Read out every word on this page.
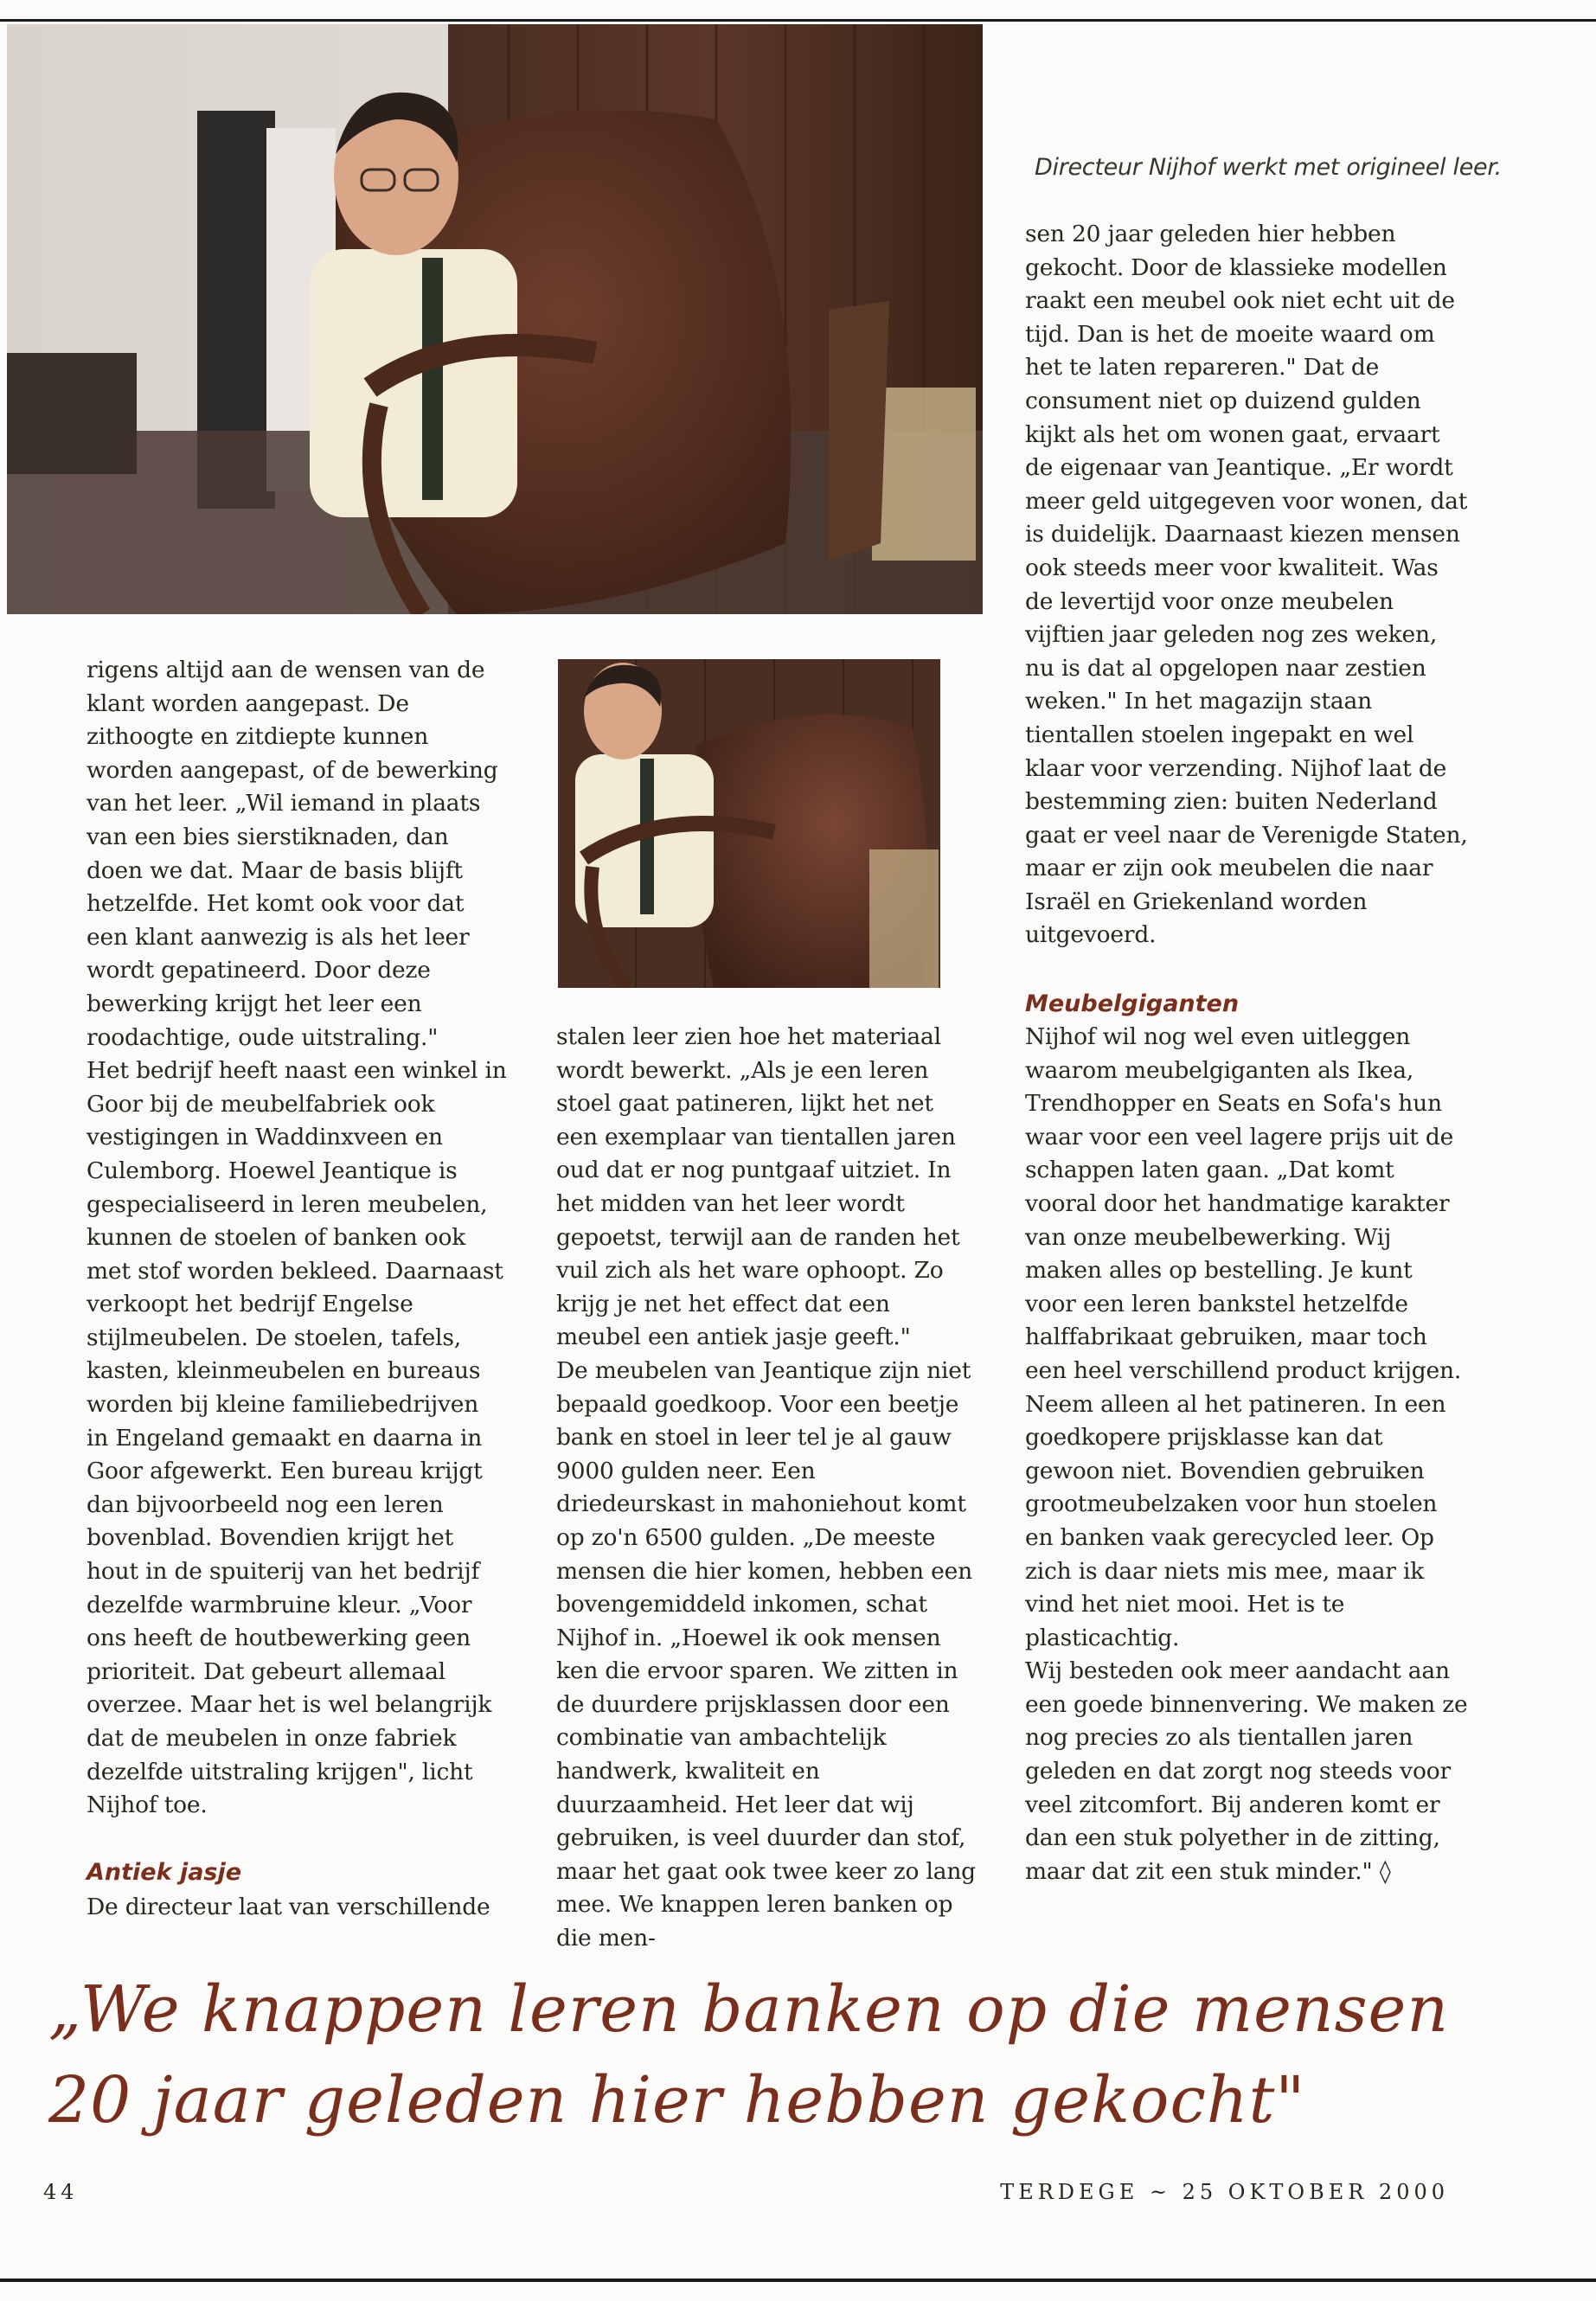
Directeur Nijhof werkt met origineel leer.

rigens altijd aan de wensen van de klant worden aangepast. De zithoogte en zitdiepte kunnen worden aangepast, of de bewerking van het leer. „Wil iemand in plaats van een bies sierstiknaden, dan doen we dat. Maar de basis blijft hetzelfde. Het komt ook voor dat een klant aanwezig is als het leer wordt gepatineerd. Door deze bewerking krijgt het leer een roodachtige, oude uitstraling."

Het bedrijf heeft naast een winkel in Goor bij de meubelfabriek ook vestigingen in Waddinxveen en Culemborg. Hoewel Jeantique is gespecialiseerd in leren meubelen, kunnen de stoelen of banken ook met stof worden bekleed. Daarnaast verkoopt het bedrijf Engelse stijlmeubelen. De stoelen, tafels, kasten, kleinmeubelen en bureaus worden bij kleine familiebedrijven in Engeland gemaakt en daarna in Goor afgewerkt. Een bureau krijgt dan bijvoorbeeld nog een leren bovenblad. Bovendien krijgt het hout in de spuiterij van het bedrijf dezelfde warmbruine kleur. „Voor ons heeft de houtbewerking geen prioriteit. Dat gebeurt allemaal overzee. Maar het is wel belangrijk dat de meubelen in onze fabriek dezelfde uitstraling krijgen", licht Nijhof toe.

Antiek jasje

De directeur laat van verschillende

stalen leer zien hoe het materiaal wordt bewerkt. „Als je een leren stoel gaat patineren, lijkt het net een exemplaar van tientallen jaren oud dat er nog puntgaaf uitziet. In het midden van het leer wordt gepoetst, terwijl aan de randen het vuil zich als het ware ophoopt. Zo krijg je net het effect dat een meubel een antiek jasje geeft."

De meubelen van Jeantique zijn niet bepaald goedkoop. Voor een beetje bank en stoel in leer tel je al gauw 9000 gulden neer. Een driedeurskast in mahoniehout komt op zo'n 6500 gulden. „De meeste mensen die hier komen, hebben een bovengemiddeld inkomen, schat Nijhof in. „Hoewel ik ook mensen ken die ervoor sparen. We zitten in de duurdere prijsklassen door een combinatie van ambachtelijk handwerk, kwaliteit en duurzaamheid. Het leer dat wij gebruiken, is veel duurder dan stof, maar het gaat ook twee keer zo lang mee. We knappen leren banken op die men-

sen 20 jaar geleden hier hebben gekocht. Door de klassieke modellen raakt een meubel ook niet echt uit de tijd. Dan is het de moeite waard om het te laten repareren." Dat de consument niet op duizend gulden kijkt als het om wonen gaat, ervaart de eigenaar van Jeantique. „Er wordt meer geld uitgegeven voor wonen, dat is duidelijk. Daarnaast kiezen mensen ook steeds meer voor kwaliteit. Was de levertijd voor onze meubelen vijftien jaar geleden nog zes weken, nu is dat al opgelopen naar zestien weken." In het magazijn staan tientallen stoelen ingepakt en wel klaar voor verzending. Nijhof laat de bestemming zien: buiten Nederland gaat er veel naar de Verenigde Staten, maar er zijn ook meubelen die naar Israël en Griekenland worden uitgevoerd.

Meubelgiganten

Nijhof wil nog wel even uitleggen waarom meubelgiganten als Ikea, Trendhopper en Seats en Sofa's hun waar voor een veel lagere prijs uit de schappen laten gaan. „Dat komt vooral door het handmatige karakter van onze meubelbewerking. Wij maken alles op bestelling. Je kunt voor een leren bankstel hetzelfde halffabrikaat gebruiken, maar toch een heel verschillend product krijgen. Neem alleen al het patineren. In een goedkopere prijsklasse kan dat gewoon niet. Bovendien gebruiken grootmeubelzaken voor hun stoelen en banken vaak gerecycled leer. Op zich is daar niets mis mee, maar ik vind het niet mooi. Het is te plasticachtig.

Wij besteden ook meer aandacht aan een goede binnenvering. We maken ze nog precies zo als tientallen jaren geleden en dat zorgt nog steeds voor veel zitcomfort. Bij anderen komt er dan een stuk polyether in de zitting, maar dat zit een stuk minder." ◊

„We knappen leren banken op die mensen
20 jaar geleden hier hebben gekocht"
44	TERDEGE ~ 25 OKTOBER 2000
